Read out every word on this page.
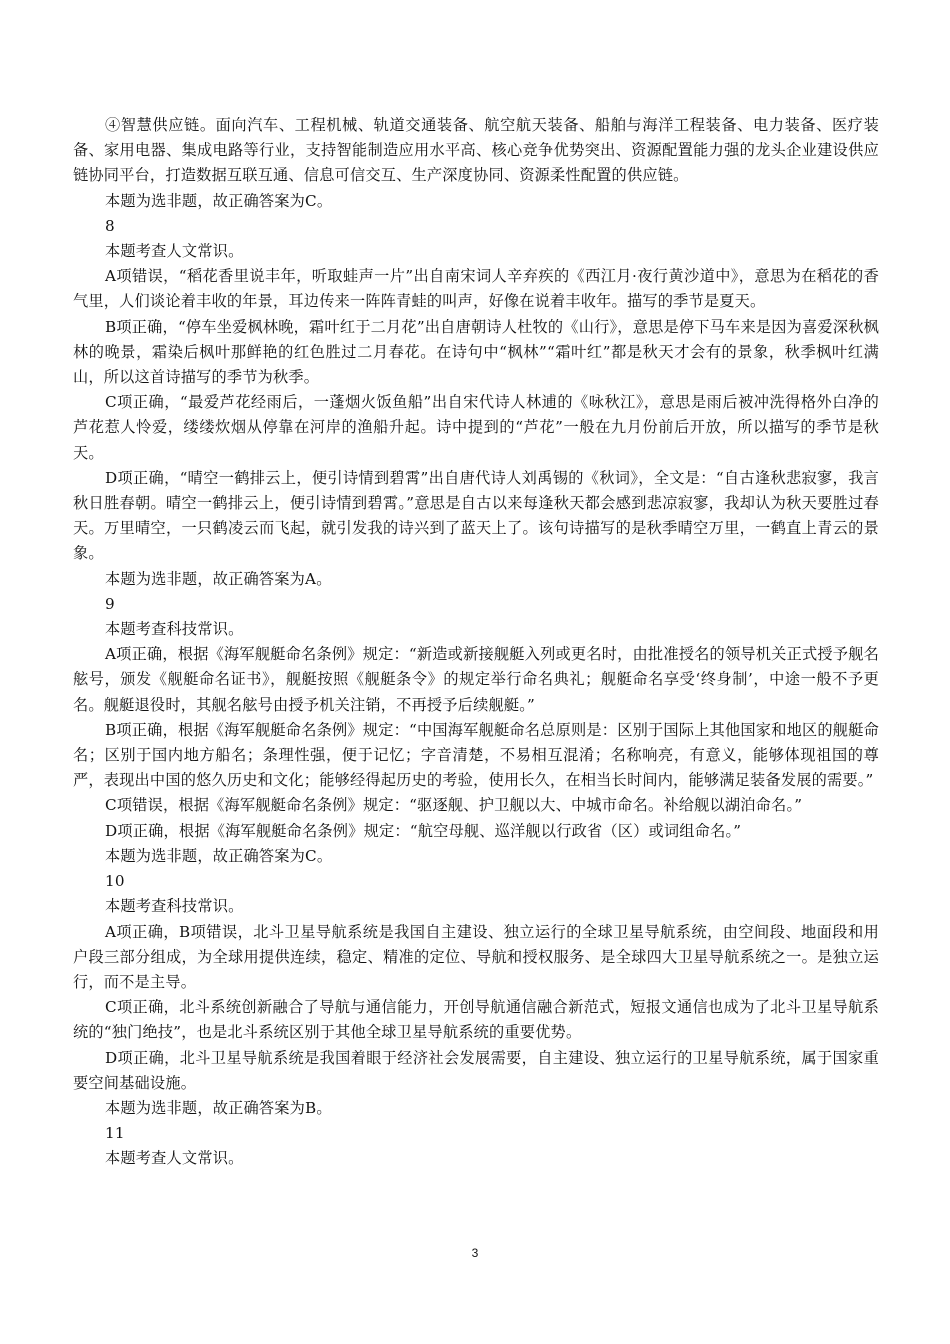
④智慧供应链。面向汽车、工程机械、轨道交通装备、航空航天装备、船舶与海洋工程装备、电力装备、医疗装备、家用电器、集成电路等行业，支持智能制造应用水平高、核心竞争优势突出、资源配置能力强的龙头企业建设供应链协同平台，打造数据互联互通、信息可信交互、生产深度协同、资源柔性配置的供应链。

本题为选非题，故正确答案为C。

8

本题考查人文常识。

A项错误，“稻花香里说丰年，听取蛙声一片”出自南宋词人辛弃疾的《西江月·夜行黄沙道中》，意思为在稻花的香气里，人们谈论着丰收的年景，耳边传来一阵阵青蛙的叫声，好像在说着丰收年。描写的季节是夏天。

B项正确，“停车坐爱枫林晚，霜叶红于二月花”出自唐朝诗人杜牧的《山行》，意思是停下马车来是因为喜爱深秋枫林的晚景，霜染后枫叶那鲜艳的红色胜过二月春花。在诗句中“枫林”“霜叶红”都是秋天才会有的景象，秋季枫叶红满山，所以这首诗描写的季节为秋季。

C项正确，“最爱芦花经雨后，一蓬烟火饭鱼船”出自宋代诗人林逋的《咏秋江》，意思是雨后被冲洗得格外白净的芦花惹人怜爱，缕缕炊烟从停靠在河岸的渔船升起。诗中提到的“芦花”一般在九月份前后开放，所以描写的季节是秋天。

D项正确，“晴空一鹤排云上，便引诗情到碧霄”出自唐代诗人刘禹锡的《秋词》，全文是：“自古逢秋悲寂寥，我言秋日胜春朝。晴空一鹤排云上，便引诗情到碧霄。”意思是自古以来每逢秋天都会感到悲凉寂寥，我却认为秋天要胜过春天。万里晴空，一只鹤凌云而飞起，就引发我的诗兴到了蓝天上了。该句诗描写的是秋季晴空万里，一鹤直上青云的景象。

本题为选非题，故正确答案为A。

9

本题考查科技常识。

A项正确，根据《海军舰艇命名条例》规定：“新造或新接舰艇入列或更名时，由批准授名的领导机关正式授予舰名舷号，颁发《舰艇命名证书》，舰艇按照《舰艇条令》的规定举行命名典礼；舰艇命名享受‘终身制’，中途一般不予更名。舰艇退役时，其舰名舷号由授予机关注销，不再授予后续舰艇。”

B项正确，根据《海军舰艇命名条例》规定：“中国海军舰艇命名总原则是：区别于国际上其他国家和地区的舰艇命名；区别于国内地方船名；条理性强，便于记忆；字音清楚，不易相互混淆；名称响亮，有意义，能够体现祖国的尊严，表现出中国的悠久历史和文化；能够经得起历史的考验，使用长久，在相当长时间内，能够满足装备发展的需要。”

C项错误，根据《海军舰艇命名条例》规定：“驱逐舰、护卫舰以大、中城市命名。补给舰以湖泊命名。”

D项正确，根据《海军舰艇命名条例》规定：“航空母舰、巡洋舰以行政省（区）或词组命名。”

本题为选非题，故正确答案为C。

10

本题考查科技常识。

A项正确，B项错误，北斗卫星导航系统是我国自主建设、独立运行的全球卫星导航系统，由空间段、地面段和用户段三部分组成，为全球用提供连续，稳定、精准的定位、导航和授权服务、是全球四大卫星导航系统之一。是独立运行，而不是主导。

C项正确，北斗系统创新融合了导航与通信能力，开创导航通信融合新范式，短报文通信也成为了北斗卫星导航系统的“独门绝技”，也是北斗系统区别于其他全球卫星导航系统的重要优势。

D项正确，北斗卫星导航系统是我国着眼于经济社会发展需要，自主建设、独立运行的卫星导航系统，属于国家重要空间基础设施。

本题为选非题，故正确答案为B。

11

本题考查人文常识。

3
